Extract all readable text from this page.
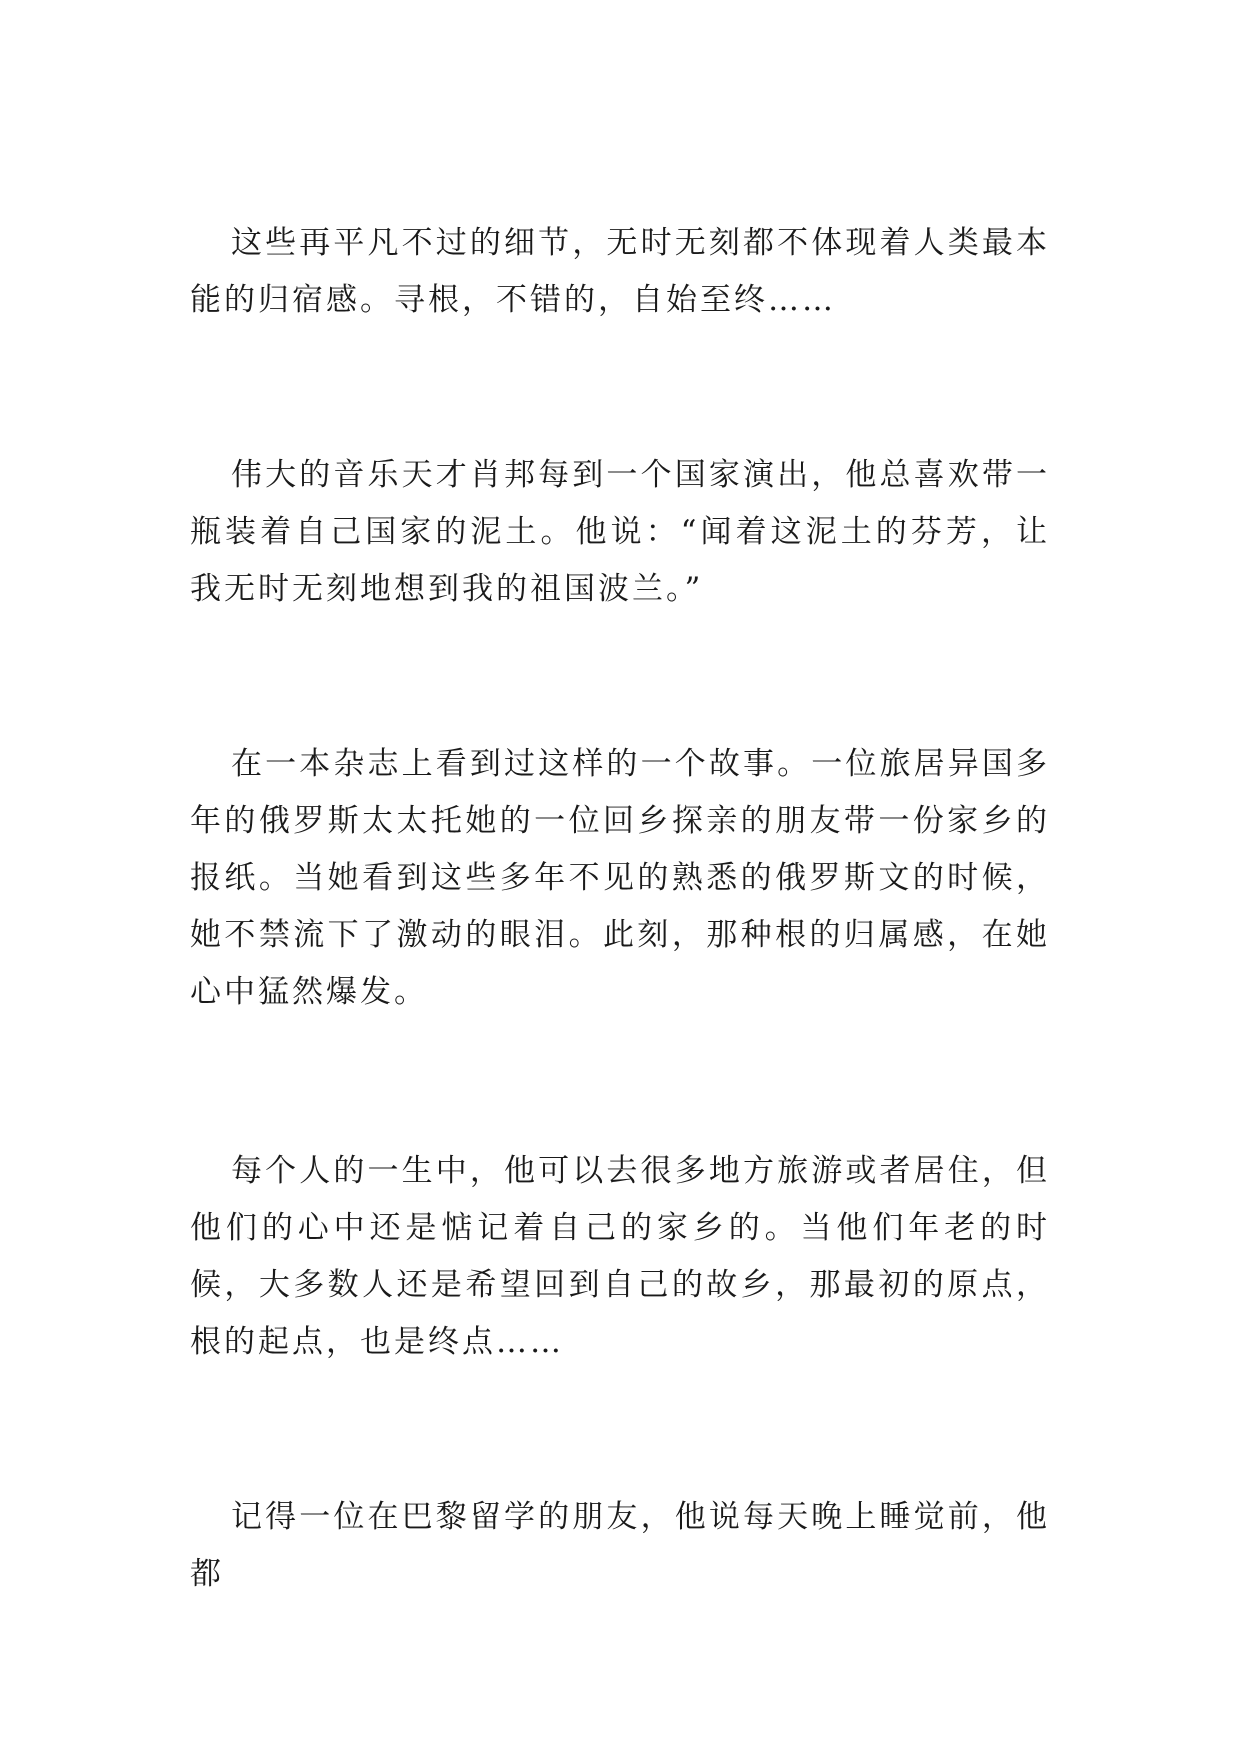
这些再平凡不过的细节，无时无刻都不体现着人类最本能的归宿感。寻根，不错的，自始至终……

伟大的音乐天才肖邦每到一个国家演出，他总喜欢带一瓶装着自己国家的泥土。他说：“闻着这泥土的芬芳，让我无时无刻地想到我的祖国波兰。”

在一本杂志上看到过这样的一个故事。一位旅居异国多年的俄罗斯太太托她的一位回乡探亲的朋友带一份家乡的报纸。当她看到这些多年不见的熟悉的俄罗斯文的时候，她不禁流下了激动的眼泪。此刻，那种根的归属感，在她心中猛然爆发。

每个人的一生中，他可以去很多地方旅游或者居住，但他们的心中还是惦记着自己的家乡的。当他们年老的时候，大多数人还是希望回到自己的故乡，那最初的原点，根的起点，也是终点……

记得一位在巴黎留学的朋友，他说每天晚上睡觉前，他都
